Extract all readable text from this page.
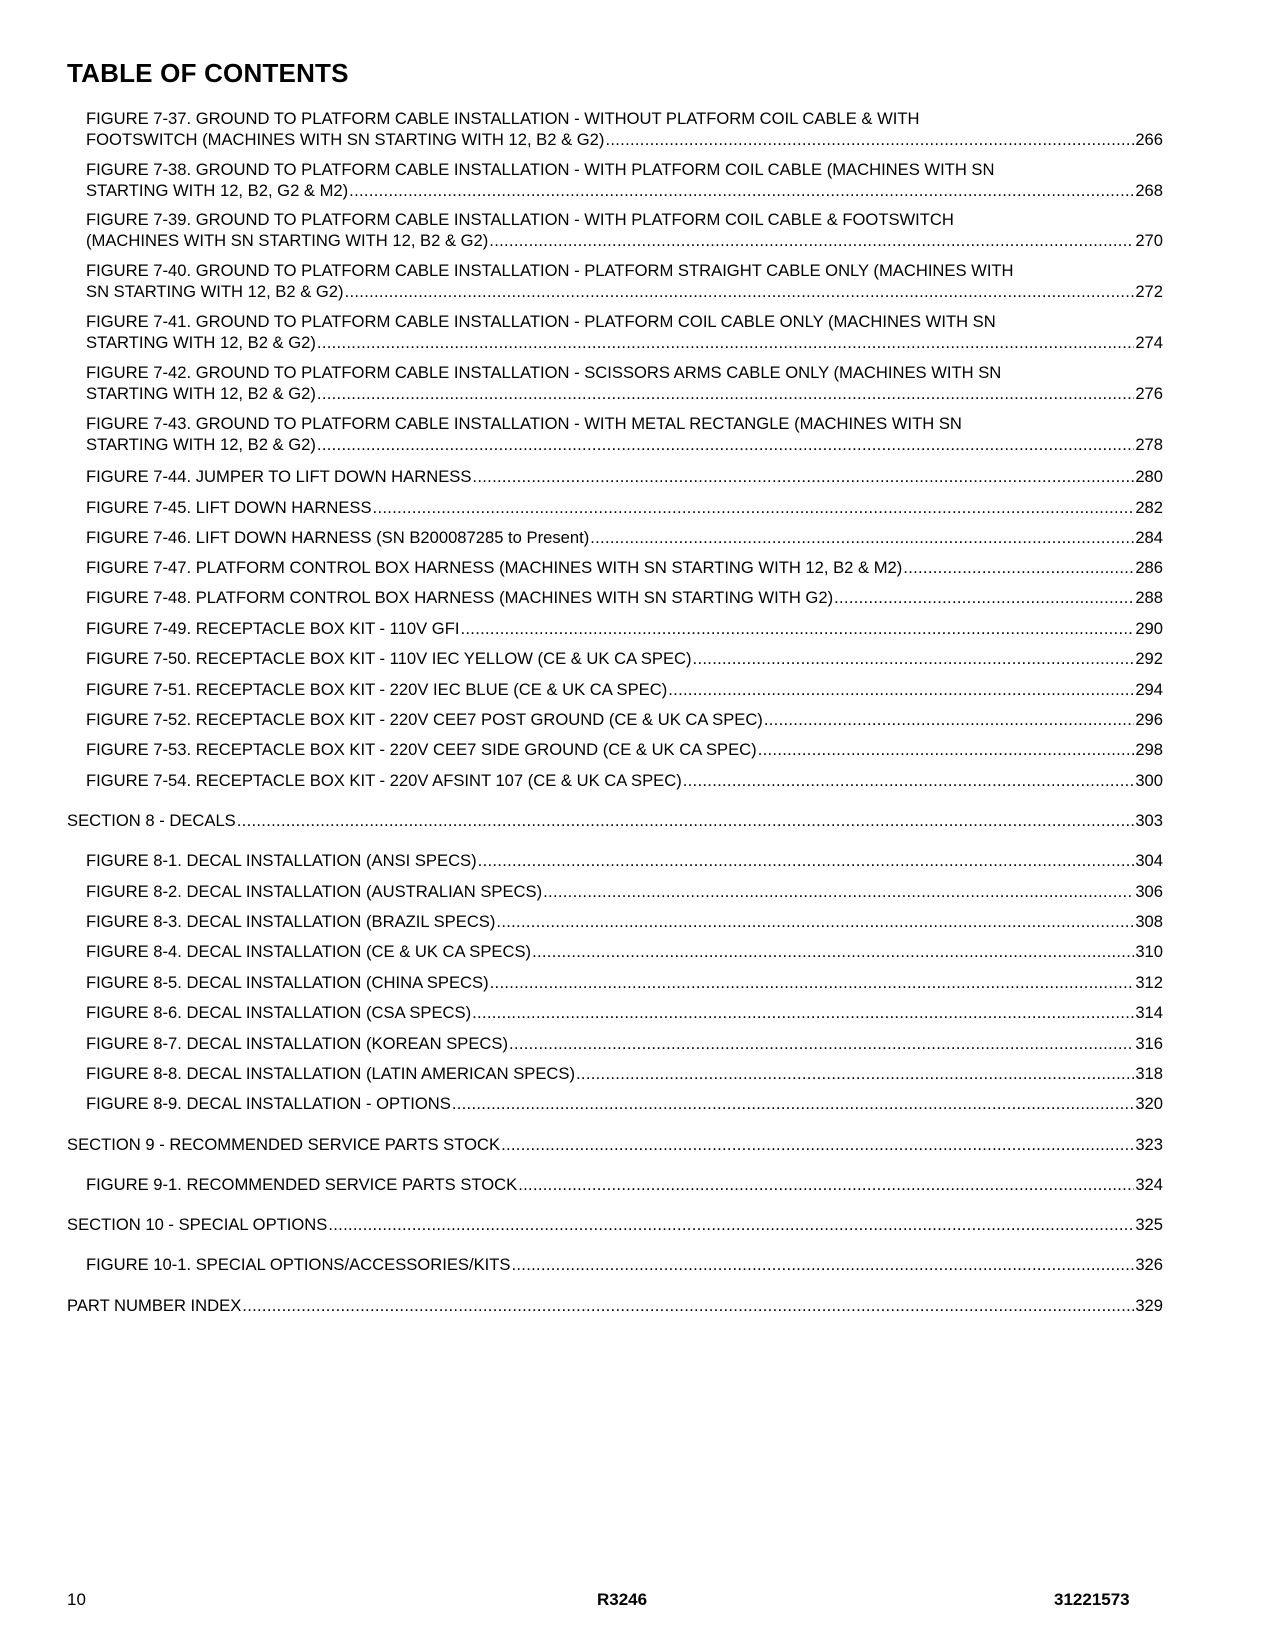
TABLE OF CONTENTS
FIGURE 7-37. GROUND TO PLATFORM CABLE INSTALLATION - WITHOUT PLATFORM COIL CABLE & WITH
FOOTSWITCH (MACHINES WITH SN STARTING WITH 12, B2 & G2) .....	266
FIGURE 7-38. GROUND TO PLATFORM CABLE INSTALLATION - WITH PLATFORM COIL CABLE (MACHINES WITH SN
STARTING WITH 12, B2, G2 & M2) .....	268
FIGURE 7-39. GROUND TO PLATFORM CABLE INSTALLATION - WITH PLATFORM COIL CABLE & FOOTSWITCH
(MACHINES WITH SN STARTING WITH 12, B2 & G2) .....	270
FIGURE 7-40. GROUND TO PLATFORM CABLE INSTALLATION - PLATFORM STRAIGHT CABLE ONLY (MACHINES WITH
SN STARTING WITH 12, B2 & G2) .....	272
FIGURE 7-41. GROUND TO PLATFORM CABLE INSTALLATION - PLATFORM COIL CABLE ONLY (MACHINES WITH SN
STARTING WITH 12, B2 & G2) .....	274
FIGURE 7-42. GROUND TO PLATFORM CABLE INSTALLATION - SCISSORS ARMS CABLE ONLY (MACHINES WITH SN
STARTING WITH 12, B2 & G2) .....	276
FIGURE 7-43. GROUND TO PLATFORM CABLE INSTALLATION - WITH METAL RECTANGLE (MACHINES WITH SN
STARTING WITH 12, B2 & G2) .....	278
FIGURE 7-44. JUMPER TO LIFT DOWN HARNESS .....	280
FIGURE 7-45. LIFT DOWN HARNESS .....	282
FIGURE 7-46. LIFT DOWN HARNESS (SN B200087285 to Present) .....	284
FIGURE 7-47. PLATFORM CONTROL BOX HARNESS (MACHINES WITH SN STARTING WITH 12, B2 & M2) .....	286
FIGURE 7-48. PLATFORM CONTROL BOX HARNESS (MACHINES WITH SN STARTING WITH G2) .....	288
FIGURE 7-49. RECEPTACLE BOX KIT - 110V GFI .....	290
FIGURE 7-50. RECEPTACLE BOX KIT - 110V IEC YELLOW (CE & UK CA SPEC) .....	292
FIGURE 7-51. RECEPTACLE BOX KIT - 220V IEC BLUE (CE & UK CA SPEC) .....	294
FIGURE 7-52. RECEPTACLE BOX KIT - 220V CEE7 POST GROUND (CE & UK CA SPEC) .....	296
FIGURE 7-53. RECEPTACLE BOX KIT - 220V CEE7 SIDE GROUND (CE & UK CA SPEC) .....	298
FIGURE 7-54. RECEPTACLE BOX KIT - 220V AFSINT 107 (CE & UK CA SPEC) .....	300
SECTION 8 - DECALS .....	303
FIGURE 8-1. DECAL INSTALLATION (ANSI SPECS) .....	304
FIGURE 8-2. DECAL INSTALLATION (AUSTRALIAN SPECS) .....	306
FIGURE 8-3. DECAL INSTALLATION (BRAZIL SPECS) .....	308
FIGURE 8-4. DECAL INSTALLATION (CE & UK CA SPECS) .....	310
FIGURE 8-5. DECAL INSTALLATION (CHINA SPECS) .....	312
FIGURE 8-6. DECAL INSTALLATION (CSA SPECS) .....	314
FIGURE 8-7. DECAL INSTALLATION (KOREAN SPECS) .....	316
FIGURE 8-8. DECAL INSTALLATION (LATIN AMERICAN SPECS) .....	318
FIGURE 8-9. DECAL INSTALLATION - OPTIONS .....	320
SECTION 9 - RECOMMENDED SERVICE PARTS STOCK .....	323
FIGURE 9-1. RECOMMENDED SERVICE PARTS STOCK .....	324
SECTION 10 - SPECIAL OPTIONS .....	325
FIGURE 10-1. SPECIAL OPTIONS/ACCESSORIES/KITS .....	326
PART NUMBER INDEX .....	329
10	R3246	31221573
